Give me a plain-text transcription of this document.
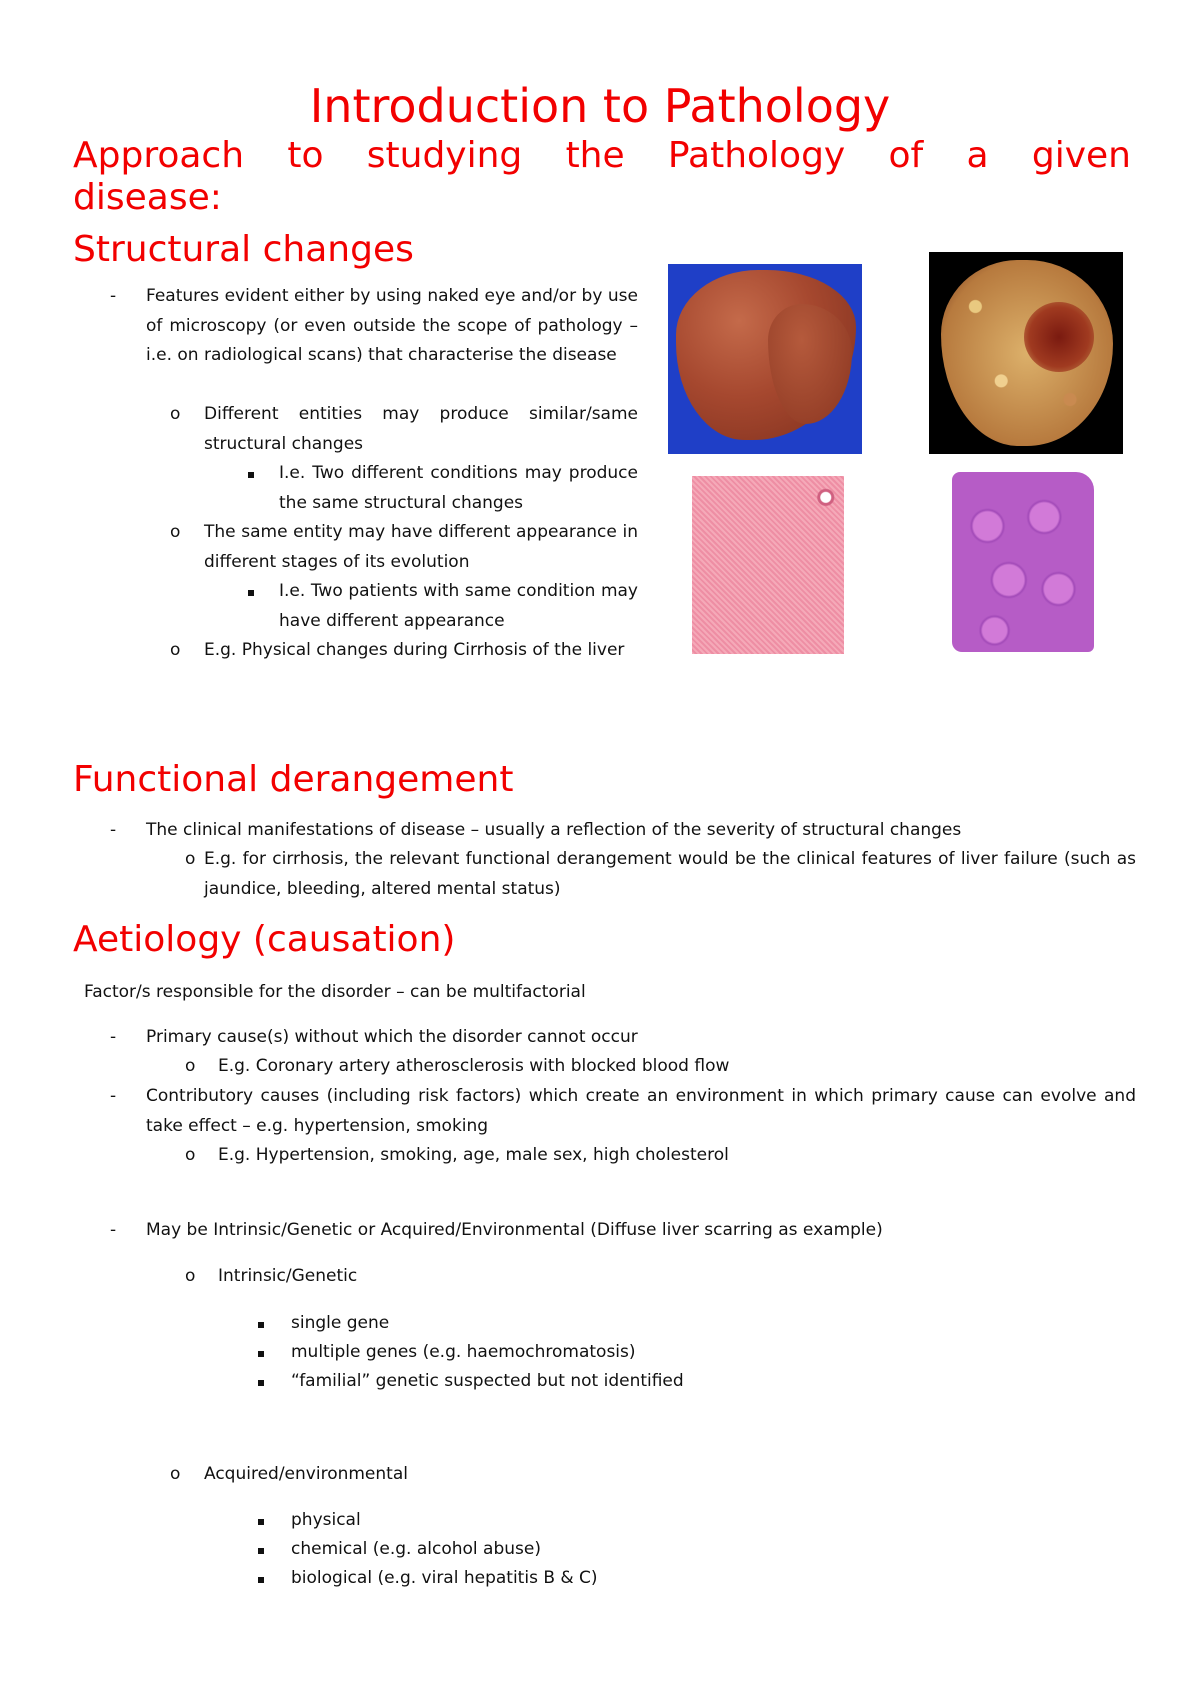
Introduction to Pathology
Approach to studying the Pathology of a given
disease:
Structural changes
- Features evident either by using naked eye and/or by use of microscopy (or even outside the scope of pathology – i.e. on radiological scans) that characterise the disease
o Different entities may produce similar/same structural changes
I.e. Two different conditions may produce the same structural changes
o The same entity may have different appearance in different stages of its evolution
I.e. Two patients with same condition may have different appearance
o E.g. Physical changes during Cirrhosis of the liver
Functional derangement
- The clinical manifestations of disease – usually a reflection of the severity of structural changes
o E.g. for cirrhosis, the relevant functional derangement would be the clinical features of liver failure (such as jaundice, bleeding, altered mental status)
Aetiology (causation)
Factor/s responsible for the disorder – can be multifactorial
- Primary cause(s) without which the disorder cannot occur
o E.g. Coronary artery atherosclerosis with blocked blood flow
- Contributory causes (including risk factors) which create an environment in which primary cause can evolve and take effect – e.g. hypertension, smoking
o E.g. Hypertension, smoking, age, male sex, high cholesterol
- May be Intrinsic/Genetic or Acquired/Environmental (Diffuse liver scarring as example)
o Intrinsic/Genetic
single gene
multiple genes (e.g. haemochromatosis)
“familial” genetic suspected but not identified
o Acquired/environmental
physical
chemical (e.g. alcohol abuse)
biological (e.g. viral hepatitis B & C)
